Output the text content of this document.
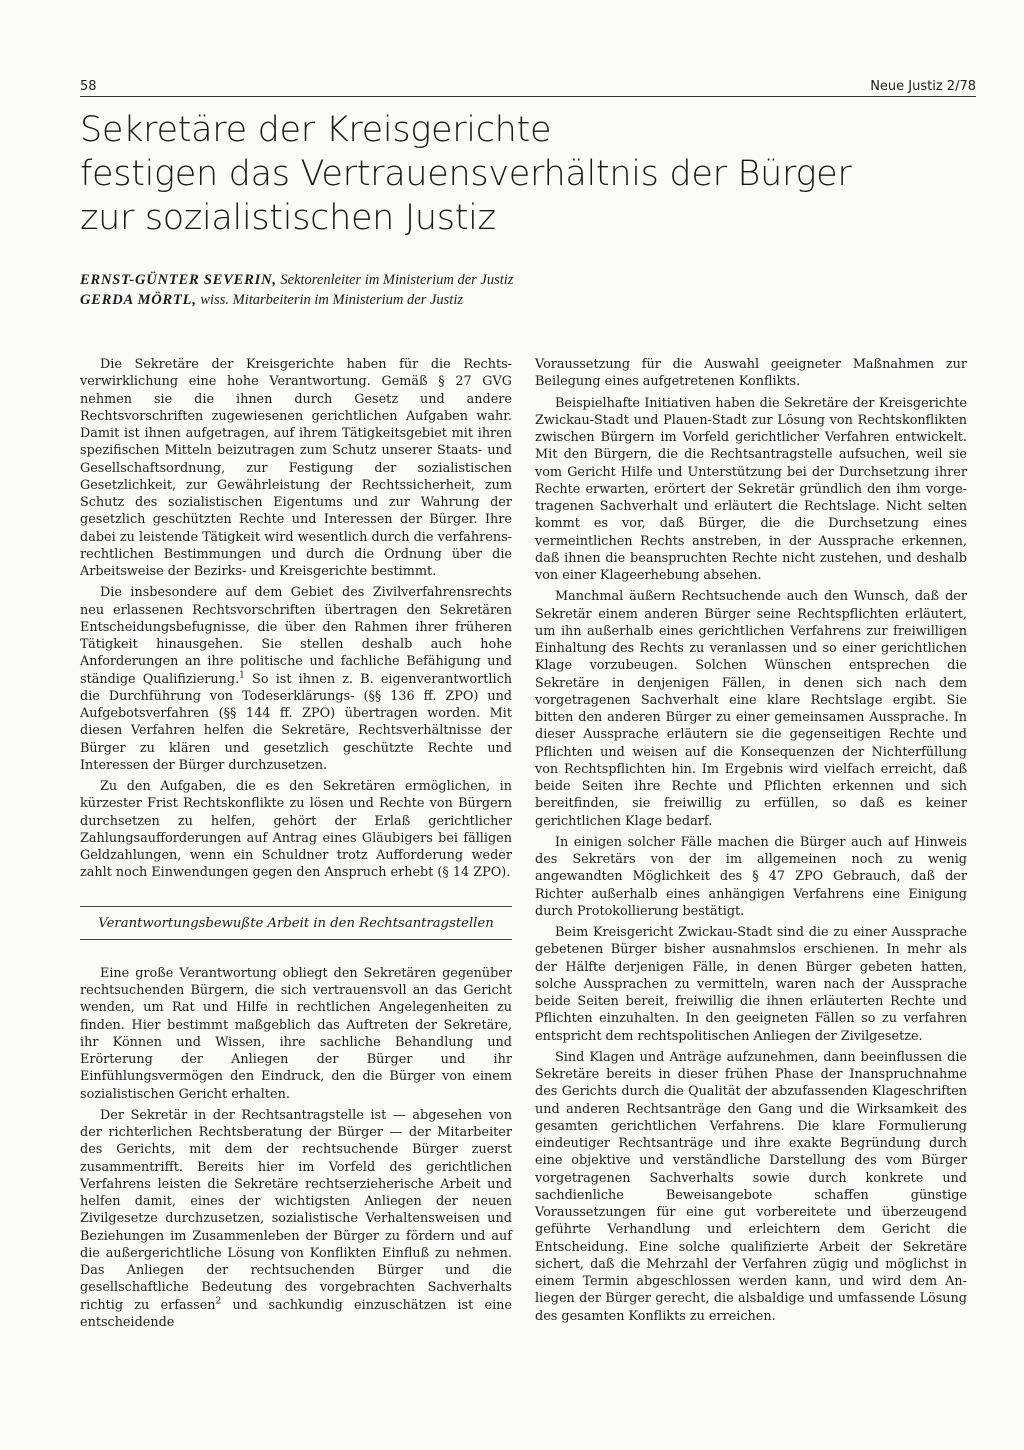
58	Neue Justiz 2/78
Sekretäre der Kreisgerichte
festigen das Vertrauensverhältnis der Bürger
zur sozialistischen Justiz
ERNST-GÜNTER SEVERIN, Sektorenleiter im Ministerium der Justiz
GERDA MÖRTL, wiss. Mitarbeiterin im Ministerium der Justiz

Die Sekretäre der Kreisgerichte haben für die Rechtsverwirklichung eine hohe Verantwortung. Gemäß § 27 GVG nehmen sie die ihnen durch Gesetz und andere Rechtsvorschriften zugewiesenen gerichtlichen Aufgaben wahr. Damit ist ihnen aufgetragen, auf ihrem Tätigkeitsgebiet mit ihren spezifischen Mitteln beizutragen zum Schutz unserer Staats- und Gesellschaftsordnung, zur Festigung der sozialistischen Gesetzlichkeit, zur Gewährleistung der Rechtssicherheit, zum Schutz des sozialistischen Eigentums und zur Wahrung der gesetzlich geschützten Rechte und Interessen der Bürger. Ihre dabei zu leistende Tätigkeit wird wesentlich durch die verfahrensrechtlichen Bestimmungen und durch die Ordnung über die Arbeitsweise der Bezirks- und Kreisgerichte bestimmt.

Die insbesondere auf dem Gebiet des Zivilverfahrensrechts neu erlassenen Rechtsvorschriften übertragen den Sekretären Entscheidungsbefugnisse, die über den Rahmen ihrer früheren Tätigkeit hinausgehen. Sie stellen deshalb auch hohe Anforderungen an ihre politische und fachliche Befähigung und ständige Qualifizierung.$^1$ So ist ihnen z. B. eigenverantwortlich die Durchführung von Todeserklärungs- (§§ 136 ff. ZPO) und Aufgebotsverfahren (§§ 144 ff. ZPO) übertragen worden. Mit diesen Verfahren helfen die Sekretäre, Rechtsverhältnisse der Bürger zu klären und gesetzlich geschützte Rechte und Interessen der Bürger durchzusetzen.

Zu den Aufgaben, die es den Sekretären ermöglichen, in kürzester Frist Rechtskonflikte zu lösen und Rechte von Bürgern durchsetzen zu helfen, gehört der Erlaß gerichtlicher Zahlungsaufforderungen auf Antrag eines Gläubigers bei fälligen Geldzahlungen, wenn ein Schuldner trotz Aufforderung weder zahlt noch Einwendungen gegen den Anspruch erhebt (§ 14 ZPO).

Verantwortungsbewußte Arbeit in den Rechtsantragstellen

Eine große Verantwortung obliegt den Sekretären gegenüber rechtsuchenden Bürgern, die sich vertrauensvoll an das Gericht wenden, um Rat und Hilfe in rechtlichen Angelegenheiten zu finden. Hier bestimmt maßgeblich das Auftreten der Sekretäre, ihr Können und Wissen, ihre sachliche Behandlung und Erörterung der Anliegen der Bürger und ihr Einfühlungsvermögen den Eindruck, den die Bürger von einem sozialistischen Gericht erhalten.

Der Sekretär in der Rechtsantragstelle ist — abgesehen von der richterlichen Rechtsberatung der Bürger — der Mitarbeiter des Gerichts, mit dem der rechtsuchende Bürger zuerst zusammentrifft. Bereits hier im Vorfeld des gerichtlichen Verfahrens leisten die Sekretäre rechtserzieherische Arbeit und helfen damit, eines der wichtigsten Anliegen der neuen Zivilgesetze durchzusetzen, sozialistische Verhaltensweisen und Beziehungen im Zusammenleben der Bürger zu fördern und auf die außergerichtliche Lösung von Konflikten Einfluß zu nehmen. Das Anliegen der rechtsuchenden Bürger und die gesellschaftliche Bedeutung des vorgebrachten Sachverhalts richtig zu erfassen$^2$ und sachkundig einzuschätzen ist eine entscheidende

Voraussetzung für die Auswahl geeigneter Maßnahmen zur Beilegung eines aufgetretenen Konflikts.

Beispielhafte Initiativen haben die Sekretäre der Kreisgerichte Zwickau-Stadt und Plauen-Stadt zur Lösung von Rechtskonflikten zwischen Bürgern im Vorfeld gerichtlicher Verfahren entwickelt. Mit den Bürgern, die die Rechtsantragstelle aufsuchen, weil sie vom Gericht Hilfe und Unterstützung bei der Durchsetzung ihrer Rechte erwarten, erörtert der Sekretär gründlich den ihm vorgetragenen Sachverhalt und erläutert die Rechtslage. Nicht selten kommt es vor, daß Bürger, die die Durchsetzung eines vermeintlichen Rechts anstreben, in der Aussprache erkennen, daß ihnen die beanspruchten Rechte nicht zustehen, und deshalb von einer Klageerhebung absehen.

Manchmal äußern Rechtsuchende auch den Wunsch, daß der Sekretär einem anderen Bürger seine Rechtspflichten erläutert, um ihn außerhalb eines gerichtlichen Verfahrens zur freiwilligen Einhaltung des Rechts zu veranlassen und so einer gerichtlichen Klage vorzubeugen. Solchen Wünschen entsprechen die Sekretäre in denjenigen Fällen, in denen sich nach dem vorgetragenen Sachverhalt eine klare Rechtslage ergibt. Sie bitten den anderen Bürger zu einer gemeinsamen Aussprache. In dieser Aussprache erläutern sie die gegenseitigen Rechte und Pflichten und weisen auf die Konsequenzen der Nichterfüllung von Rechtspflichten hin. Im Ergebnis wird vielfach erreicht, daß beide Seiten ihre Rechte und Pflichten erkennen und sich bereitfinden, sie freiwillig zu erfüllen, so daß es keiner gerichtlichen Klage bedarf.

In einigen solcher Fälle machen die Bürger auch auf Hinweis des Sekretärs von der im allgemeinen noch zu wenig angewandten Möglichkeit des § 47 ZPO Gebrauch, daß der Richter außerhalb eines anhängigen Verfahrens eine Einigung durch Protokollierung bestätigt.

Beim Kreisgericht Zwickau-Stadt sind die zu einer Aussprache gebetenen Bürger bisher ausnahmslos erschienen. In mehr als der Hälfte derjenigen Fälle, in denen Bürger gebeten hatten, solche Aussprachen zu vermitteln, waren nach der Aussprache beide Seiten bereit, freiwillig die ihnen erläuterten Rechte und Pflichten einzuhalten. In den geeigneten Fällen so zu verfahren entspricht dem rechtspolitischen Anliegen der Zivilgesetze.

Sind Klagen und Anträge aufzunehmen, dann beeinflussen die Sekretäre bereits in dieser frühen Phase der Inanspruchnahme des Gerichts durch die Qualität der abzufassenden Klageschriften und anderen Rechtsanträge den Gang und die Wirksamkeit des gesamten gerichtlichen Verfahrens. Die klare Formulierung eindeutiger Rechtsanträge und ihre exakte Begründung durch eine objektive und verständliche Darstellung des vom Bürger vorgetragenen Sachverhalts sowie durch konkrete und sachdienliche Beweisangebote schaffen günstige Voraussetzungen für eine gut vorbereitete und überzeugend geführte Verhandlung und erleichtern dem Gericht die Entscheidung. Eine solche qualifizierte Arbeit der Sekretäre sichert, daß die Mehrzahl der Verfahren zügig und möglichst in einem Termin abgeschlossen werden kann, und wird dem Anliegen der Bürger gerecht, die alsbaldige und umfassende Lösung des gesamten Konflikts zu erreichen.
